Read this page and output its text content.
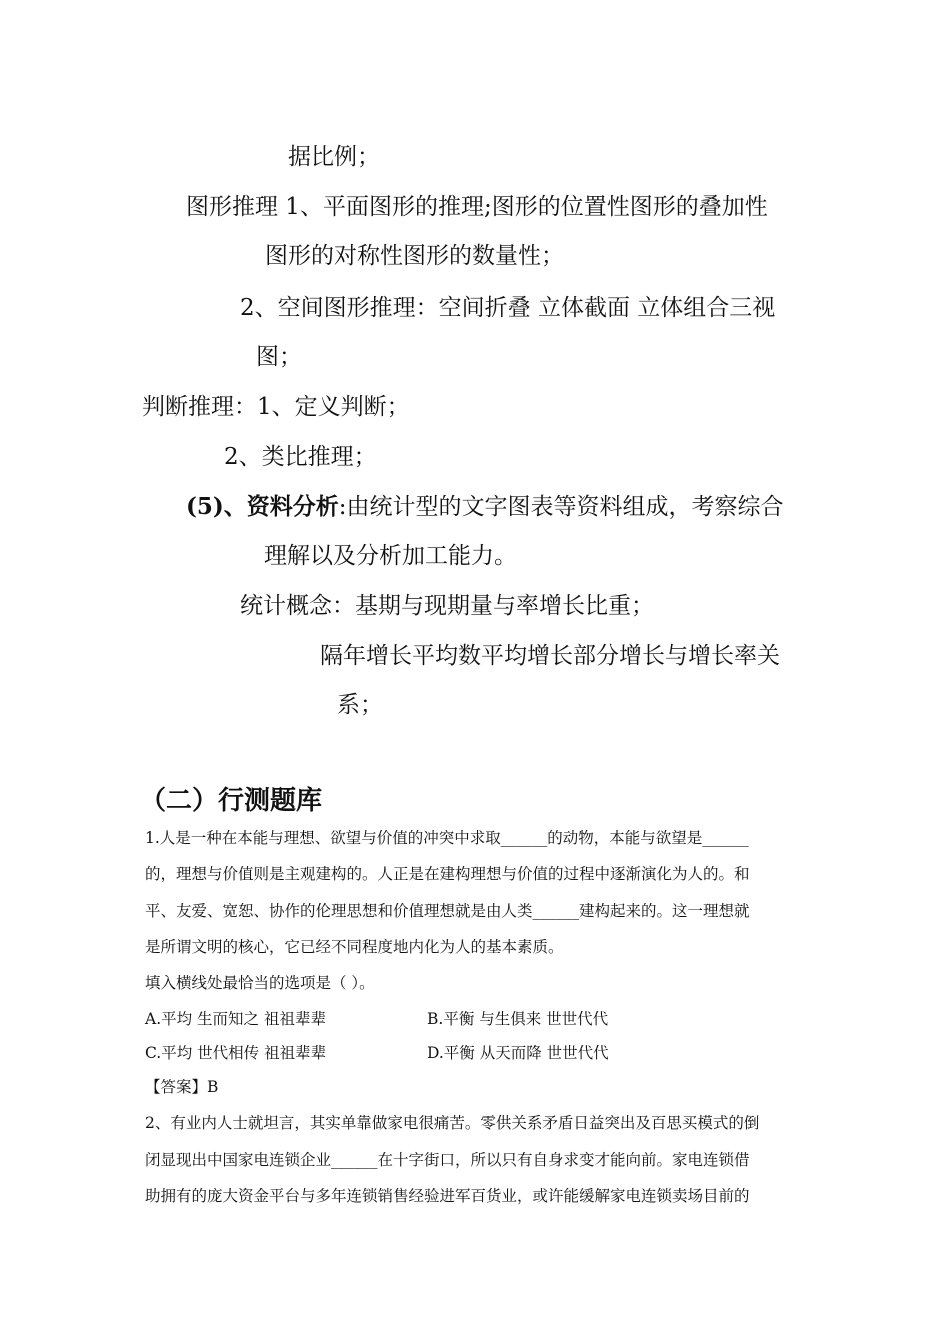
据比例；
图形推理 1、平面图形的推理;图形的位置性图形的叠加性
图形的对称性图形的数量性；
2、空间图形推理：空间折叠 立体截面 立体组合三视
图；
判断推理：1、定义判断；
2、类比推理；
(5)、资料分析:由统计型的文字图表等资料组成，考察综合
理解以及分析加工能力。
统计概念：基期与现期量与率增长比重；
隔年增长平均数平均增长部分增长与增长率关
系；
（二）行测题库
1.人是一种在本能与理想、欲望与价值的冲突中求取______的动物，本能与欲望是______
的，理想与价值则是主观建构的。人正是在建构理想与价值的过程中逐渐演化为人的。和
平、友爱、宽恕、协作的伦理思想和价值理想就是由人类______建构起来的。这一理想就
是所谓文明的核心，它已经不同程度地内化为人的基本素质。
填入横线处最恰当的选项是（ ）。
A.平均 生而知之 祖祖辈辈	B.平衡 与生俱来 世世代代
C.平均 世代相传 祖祖辈辈	D.平衡 从天而降 世世代代
【答案】B
2、有业内人士就坦言，其实单靠做家电很痛苦。零供关系矛盾日益突出及百思买模式的倒
闭显现出中国家电连锁企业______在十字街口，所以只有自身求变才能向前。家电连锁借
助拥有的庞大资金平台与多年连锁销售经验进军百货业，或许能缓解家电连锁卖场目前的
